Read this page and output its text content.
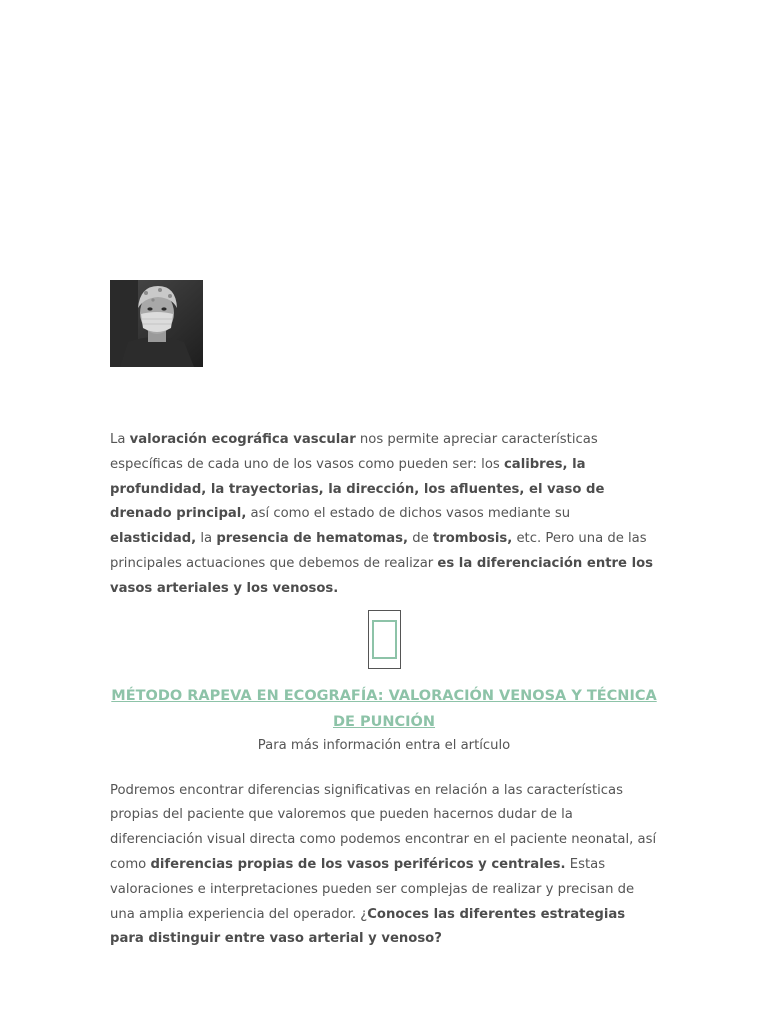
La valoración ecográfica vascular nos permite apreciar características específicas de cada uno de los vasos como pueden ser: los calibres, la profundidad, la trayectorias, la dirección, los afluentes, el vaso de drenado principal, así como el estado de dichos vasos mediante su elasticidad, la presencia de hematomas, de trombosis, etc. Pero una de las principales actuaciones que debemos de realizar es la diferenciación entre los vasos arteriales y los venosos.

MÉTODO RAPEVA EN ECOGRAFÍA: VALORACIÓN VENOSA Y TÉCNICA DE PUNCIÓN

Para más información entra el artículo

Podremos encontrar diferencias significativas en relación a las características propias del paciente que valoremos que pueden hacernos dudar de la diferenciación visual directa como podemos encontrar en el paciente neonatal, así como diferencias propias de los vasos periféricos y centrales. Estas valoraciones e interpretaciones pueden ser complejas de realizar y precisan de una amplia experiencia del operador. ¿Conoces las diferentes estrategias para distinguir entre vaso arterial y venoso?
